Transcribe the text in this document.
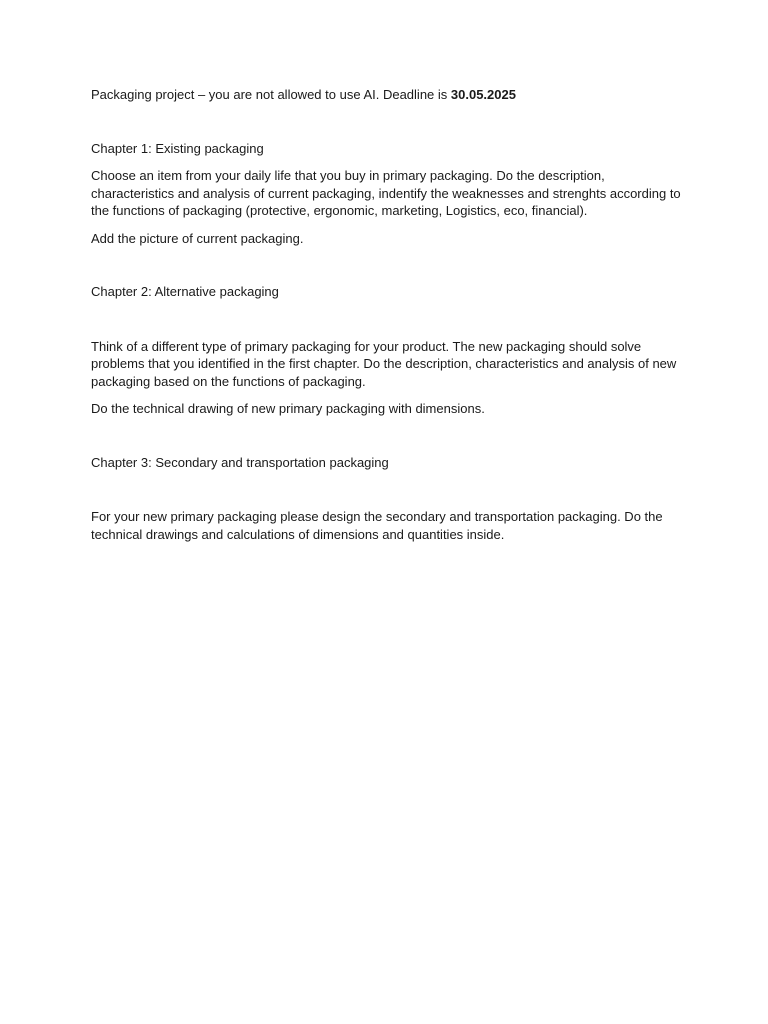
Packaging project – you are not allowed to use AI. Deadline is 30.05.2025

Chapter 1: Existing packaging

Choose an item from your daily life that you buy in primary packaging. Do the description, characteristics and analysis of current packaging, indentify the weaknesses and strenghts according to the functions of packaging (protective, ergonomic, marketing, Logistics, eco, financial).

Add the picture of current packaging.

Chapter 2: Alternative packaging

Think of a different type of primary packaging for your product. The new packaging should solve problems that you identified in the first chapter. Do the description, characteristics and analysis of new packaging based on the functions of packaging.

Do the technical drawing of new primary packaging with dimensions.

Chapter 3: Secondary and transportation packaging

For your new primary packaging please design the secondary and transportation packaging. Do the technical drawings and calculations of dimensions and quantities inside.
